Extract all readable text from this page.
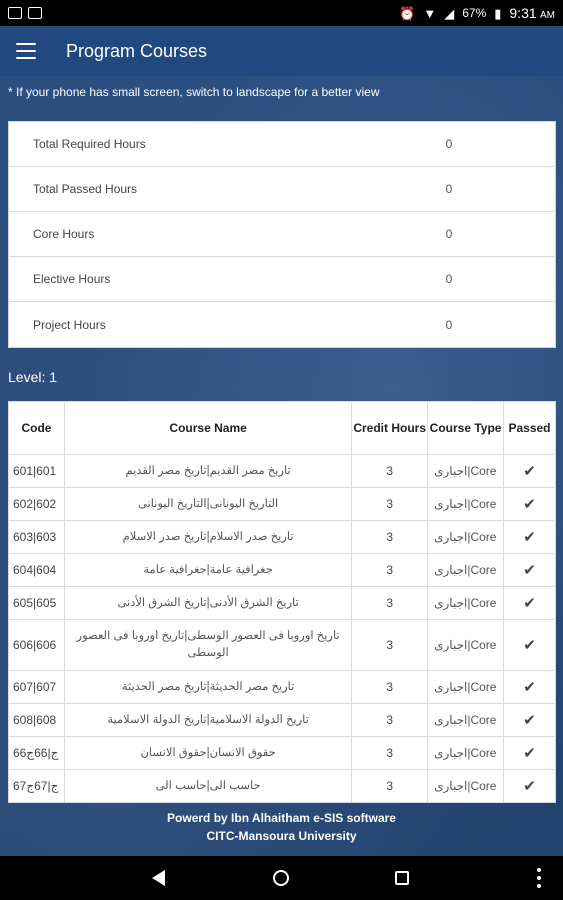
⏰ ▼ ◢ 67% ▮ 9:31 AM
Program Courses
* If your phone has small screen, switch to landscape for a better view
Total Required Hours	0
Total Passed Hours	0
Core Hours	0
Elective Hours	0
Project Hours	0
Level: 1
Code	Course Name	Credit Hours	Course Type	Passed
601|601	تاريخ مصر القديم|تاريخ مصر القديم	3	Core|اجبارى	✔
602|602	التاريخ اليونانى|التاريخ اليونانى	3	Core|اجبارى	✔
603|603	تاريخ صدر الاسلام|تاريخ صدر الاسلام	3	Core|اجبارى	✔
604|604	جغرافية عامة|جغرافية عامة	3	Core|اجبارى	✔
605|605	تاريخ الشرق الأدنى|تاريخ الشرق الأدنى	3	Core|اجبارى	✔
606|606	تاريخ اوروبا فى العصور الوسطى|تاريخ اوروبا فى العصور الوسطى	3	Core|اجبارى	✔
607|607	تاريخ مصر الحديثة|تاريخ مصر الحديثة	3	Core|اجبارى	✔
608|608	تاريخ الدولة الاسلامية|تاريخ الدولة الاسلامية	3	Core|اجبارى	✔
66ج|66ج	حقوق الانسان|حقوق الانسان	3	Core|اجبارى	✔
67ج|67ج	حاسب الى|حاسب الى	3	Core|اجبارى	✔
Powerd by Ibn Alhaitham e-SIS software
CITC-Mansoura University
